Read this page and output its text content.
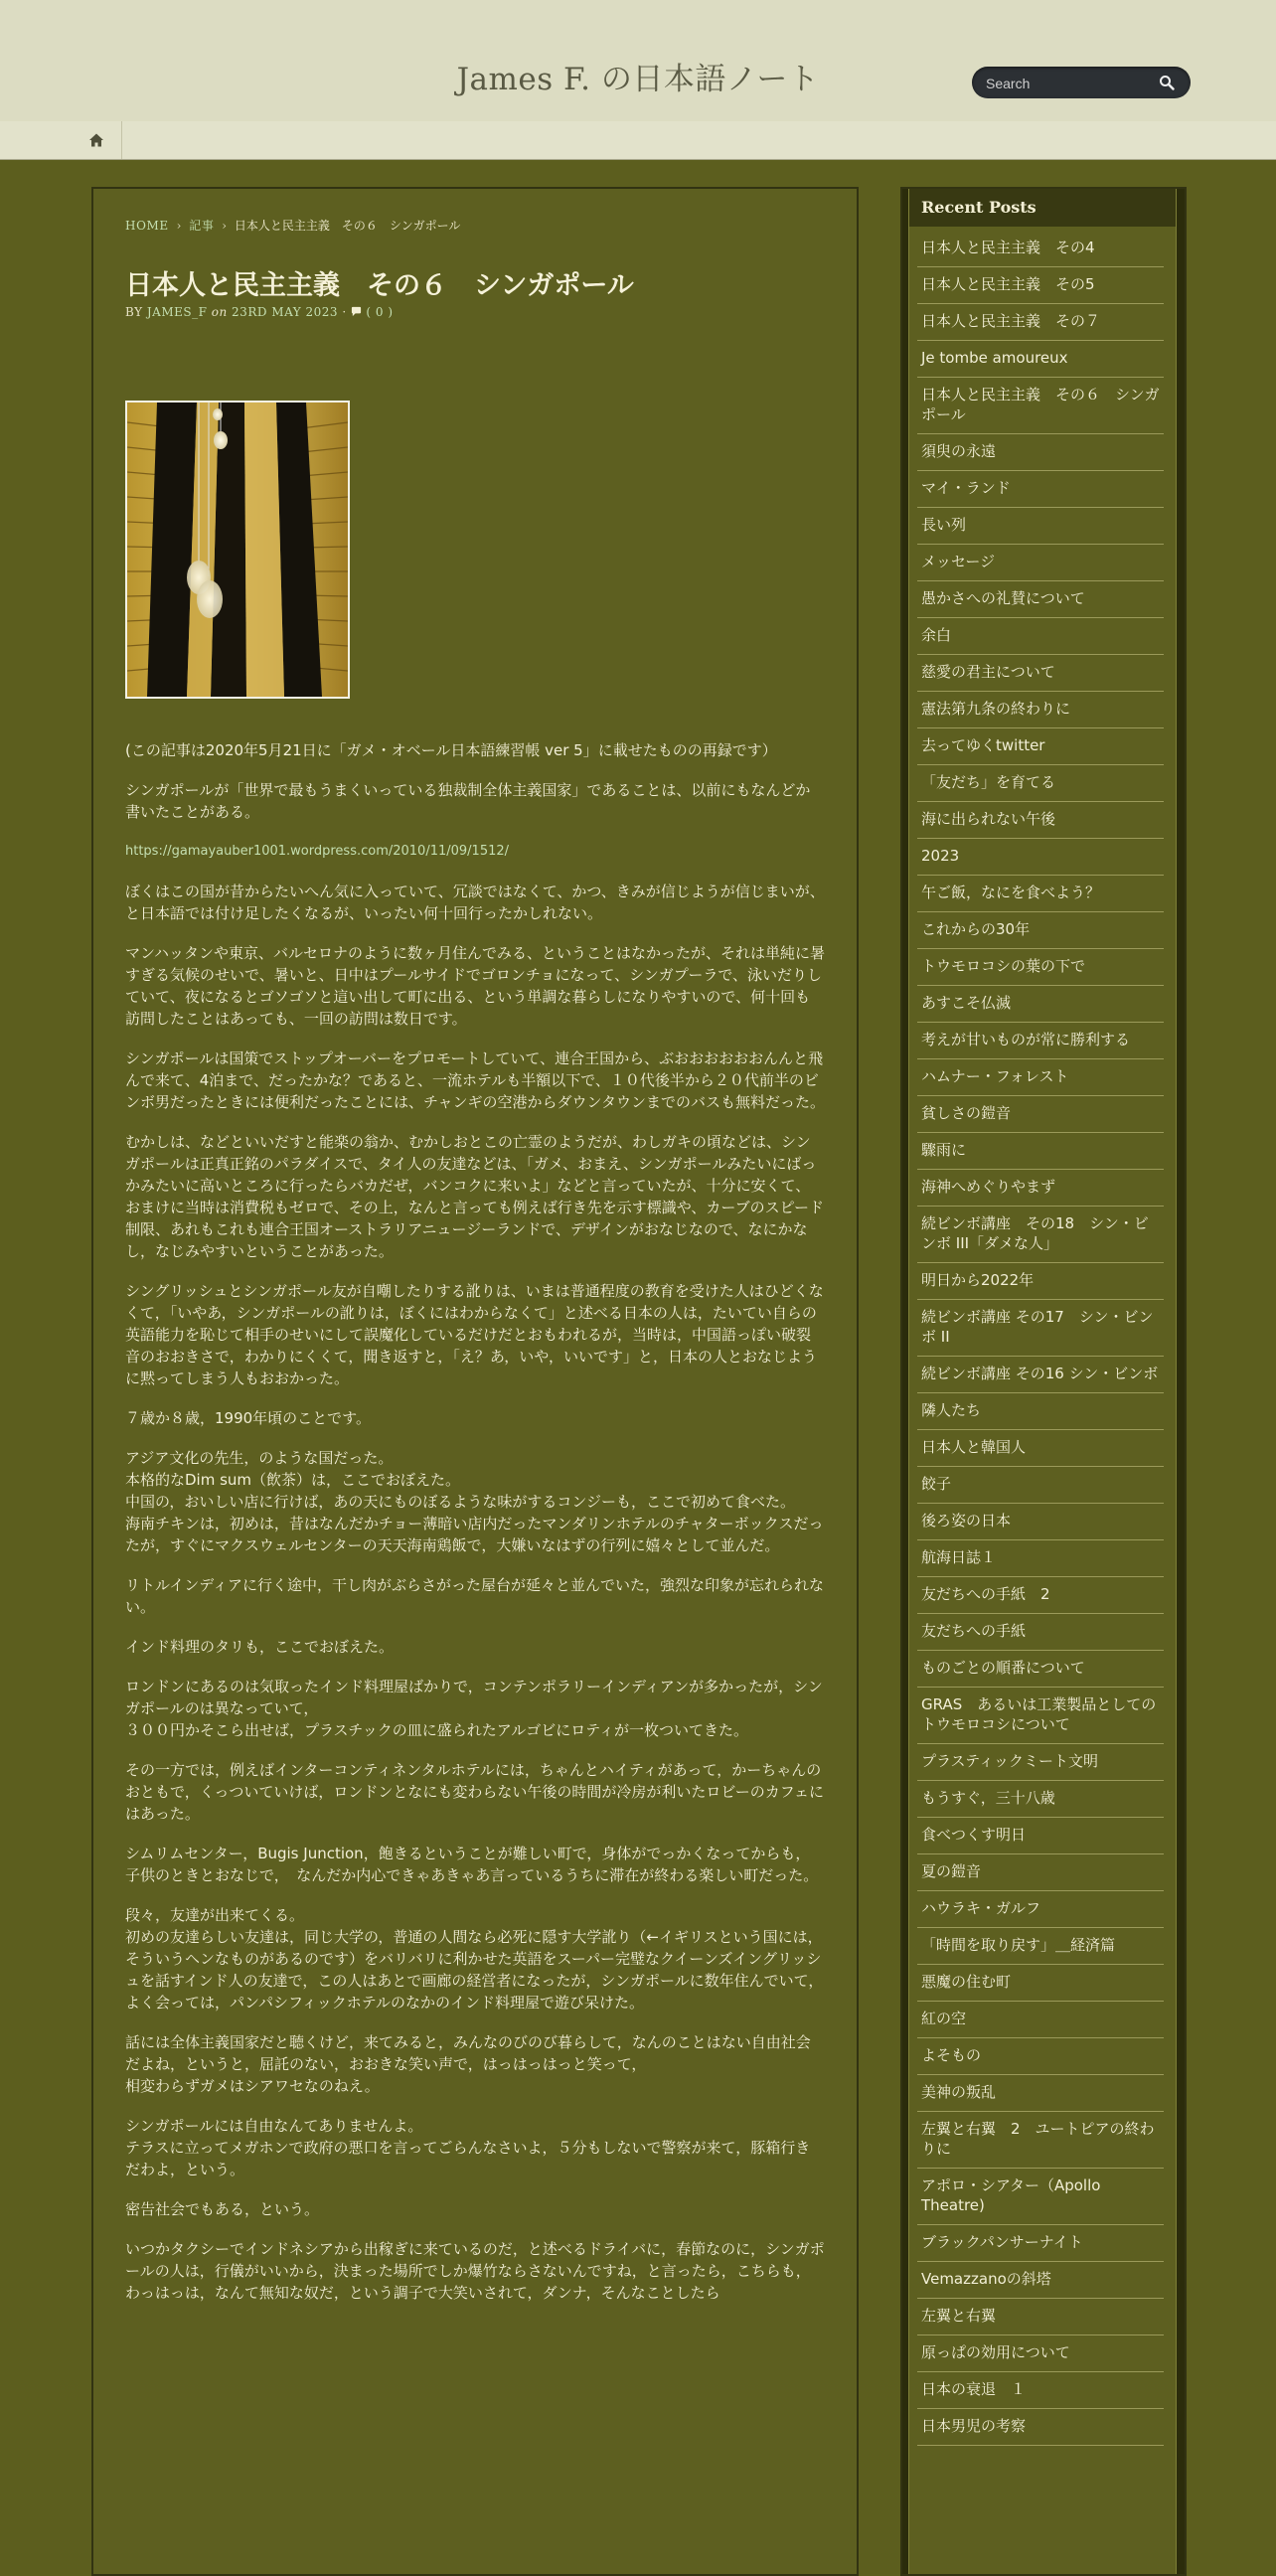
James F. の日本語ノート
Search
HOME › 記事 › 日本人と民主主義　その６　シンガポール
日本人と民主主義　その６　シンガポール
BY JAMES_F on 23RD MAY 2023 · ( 0 )

(この記事は2020年5月21日に「ガメ・オベール日本語練習帳 ver 5」に載せたものの再録です）

シンガポールが「世界で最もうまくいっている独裁制全体主義国家」であることは、以前にもなんどか書いたことがある。

https://gamayauber1001.wordpress.com/2010/11/09/1512/

ぼくはこの国が昔からたいへん気に入っていて、冗談ではなくて、かつ、きみが信じようが信じまいが、と日本語では付け足したくなるが、いったい何十回行ったかしれない。

マンハッタンや東京、バルセロナのように数ヶ月住んでみる、ということはなかったが、それは単純に暑すぎる気候のせいで、暑いと、日中はプールサイドでゴロンチョになって、シンガプーラで、泳いだりしていて、夜になるとゴソゴソと這い出して町に出る、という単調な暮らしになりやすいので、何十回も訪問したことはあっても、一回の訪問は数日です。

シンガポールは国策でストップオーバーをプロモートしていて、連合王国から、ぶおおおおおおんんと飛んで来て、4泊まで、だったかな？であると、一流ホテルも半額以下で、１０代後半から２０代前半のビンボ男だったときには便利だったことには、チャンギの空港からダウンタウンまでのバスも無料だった。

むかしは、などといいだすと能楽の翁か、むかしおとこの亡霊のようだが、わしガキの頃などは、シンガポールは正真正銘のパラダイスで、タイ人の友達などは、「ガメ、おまえ、シンガポールみたいにばっかみたいに高いところに行ったらバカだぜ，バンコクに来いよ」などと言っていたが、十分に安くて、おまけに当時は消費税もゼロで、その上，なんと言っても例えば行き先を示す標識や、カーブのスピード制限、あれもこれも連合王国オーストラリアニュージーランドで、デザインがおなじなので、なにかなし，なじみやすいということがあった。

シングリッシュとシンガポール友が自嘲したりする訛りは、いまは普通程度の教育を受けた人はひどくなくて，「いやあ，シンガポールの訛りは，ぼくにはわからなくて」と述べる日本の人は，たいてい自らの英語能力を恥じて相手のせいにして誤魔化しているだけだとおもわれるが，当時は，中国語っぽい破裂音のおおきさで，わかりにくくて，聞き返すと，「え？あ，いや，いいです」と，日本の人とおなじように黙ってしまう人もおおかった。

７歳か８歳，1990年頃のことです。

アジア文化の先生，のような国だった。
本格的なDim sum（飲茶）は，ここでおぼえた。
中国の，おいしい店に行けば，あの天にものぼるような味がするコンジーも，ここで初めて食べた。
海南チキンは，初めは，昔はなんだかチョー薄暗い店内だったマンダリンホテルのチャターボックスだったが，すぐにマクスウェルセンターの天天海南鶏飯で，大嫌いなはずの行列に嬉々として並んだ。

リトルインディアに行く途中，干し肉がぶらさがった屋台が延々と並んでいた，強烈な印象が忘れられない。

インド料理のタリも，ここでおぼえた。

ロンドンにあるのは気取ったインド料理屋ばかりで，コンテンポラリーインディアンが多かったが，シンガポールのは異なっていて，
３００円かそこら出せば，プラスチックの皿に盛られたアルゴビにロティが一枚ついてきた。

その一方では，例えばインターコンティネンタルホテルには，ちゃんとハイティがあって，かーちゃんのおともで，くっついていけば，ロンドンとなにも変わらない午後の時間が冷房が利いたロビーのカフェにはあった。

シムリムセンター，Bugis Junction，飽きるということが難しい町で，身体がでっかくなってからも，子供のときとおなじで，　なんだか内心できゃあきゃあ言っているうちに滞在が終わる楽しい町だった。

段々，友達が出来てくる。
初めの友達らしい友達は，同じ大学の，普通の人間なら必死に隠す大学訛り（←イギリスという国には，そういうヘンなものがあるのです）をバリバリに利かせた英語をスーパー完璧なクイーンズイングリッシュを話すインド人の友達で，この人はあとで画廊の経営者になったが，シンガポールに数年住んでいて，よく会っては，パンパシフィックホテルのなかのインド料理屋で遊び呆けた。

話には全体主義国家だと聴くけど，来てみると，みんなのびのび暮らして，なんのことはない自由社会だよね，というと，屈託のない，おおきな笑い声で，はっはっはっと笑って，
相変わらずガメはシアワセなのねえ。

シンガポールには自由なんてありませんよ。
テラスに立ってメガホンで政府の悪口を言ってごらんなさいよ，５分もしないで警察が来て，豚箱行きだわよ，という。

密告社会でもある，という。

いつかタクシーでインドネシアから出稼ぎに来ているのだ，と述べるドライバに，春節なのに，シンガポールの人は，行儀がいいから，決まった場所でしか爆竹ならさないんですね，と言ったら，こちらも，わっはっは，なんて無知な奴だ，という調子で大笑いされて，ダンナ，そんなことしたら

Recent Posts
日本人と民主主義　その4
日本人と民主主義　その5
日本人と民主主義　その７
Je tombe amoureux
日本人と民主主義　その６　シンガポール
須臾の永遠
マイ・ランド
長い列
メッセージ
愚かさへの礼賛について
余白
慈愛の君主について
憲法第九条の終わりに
去ってゆくtwitter
「友だち」を育てる
海に出られない午後
2023
午ご飯，なにを食べよう？
これからの30年
トウモロコシの葉の下で
あすこそ仏滅
考えが甘いものが常に勝利する
ハムナー・フォレスト
貧しさの鎧音
驟雨に
海神へめぐりやまず
続ビンボ講座　その18　シン・ビンボ III「ダメな人」
明日から2022年
続ビンボ講座 その17　シン・ビンボ II
続ビンボ講座 その16 シン・ビンボ
隣人たち
日本人と韓国人
餃子
後ろ姿の日本
航海日誌１
友だちへの手紙　2
友だちへの手紙
ものごとの順番について
GRAS　あるいは工業製品としてのトウモロコシについて
プラスティックミート文明
もうすぐ，三十八歳
食べつくす明日
夏の鎧音
ハウラキ・ガルフ
「時間を取り戻す」＿経済篇
悪魔の住む町
紅の空
よそもの
美神の叛乱
左翼と右翼　2　ユートピアの終わりに
アポロ・シアター（Apollo Theatre)
ブラックパンサーナイト
Vemazzanoの斜塔
左翼と右翼
原っぱの効用について
日本の衰退　１
日本男児の考察
